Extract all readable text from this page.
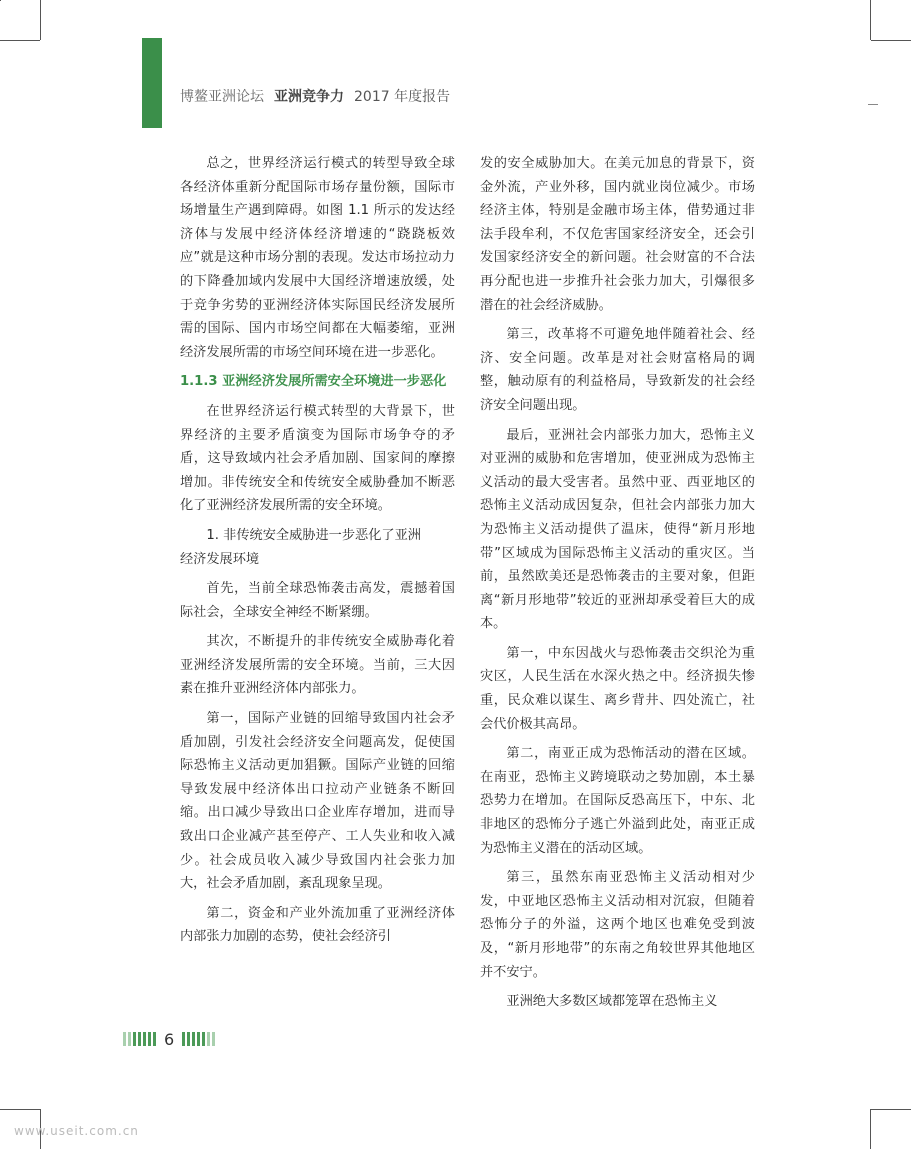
博鳌亚洲论坛 亚洲竞争力 2017 年度报告

总之，世界经济运行模式的转型导致全球各经济体重新分配国际市场存量份额，国际市场增量生产遇到障碍。如图 1.1 所示的发达经济体与发展中经济体经济增速的“跷跷板效应”就是这种市场分割的表现。发达市场拉动力的下降叠加域内发展中大国经济增速放缓，处于竞争劣势的亚洲经济体实际国民经济发展所需的国际、国内市场空间都在大幅萎缩，亚洲经济发展所需的市场空间环境在进一步恶化。

1.1.3 亚洲经济发展所需安全环境进一步恶化

在世界经济运行模式转型的大背景下，世界经济的主要矛盾演变为国际市场争夺的矛盾，这导致域内社会矛盾加剧、国家间的摩擦增加。非传统安全和传统安全威胁叠加不断恶化了亚洲经济发展所需的安全环境。

1. 非传统安全威胁进一步恶化了亚洲

经济发展环境

首先，当前全球恐怖袭击高发，震撼着国际社会，全球安全神经不断紧绷。

其次，不断提升的非传统安全威胁毒化着亚洲经济发展所需的安全环境。当前，三大因素在推升亚洲经济体内部张力。

第一，国际产业链的回缩导致国内社会矛盾加剧，引发社会经济安全问题高发，促使国际恐怖主义活动更加猖獗。国际产业链的回缩导致发展中经济体出口拉动产业链条不断回缩。出口减少导致出口企业库存增加，进而导致出口企业减产甚至停产、工人失业和收入减少。社会成员收入减少导致国内社会张力加大，社会矛盾加剧，紊乱现象呈现。

第二，资金和产业外流加重了亚洲经济体内部张力加剧的态势，使社会经济引

发的安全威胁加大。在美元加息的背景下，资金外流，产业外移，国内就业岗位减少。市场经济主体，特别是金融市场主体，借势通过非法手段牟利，不仅危害国家经济安全，还会引发国家经济安全的新问题。社会财富的不合法再分配也进一步推升社会张力加大，引爆很多潜在的社会经济威胁。

第三，改革将不可避免地伴随着社会、经济、安全问题。改革是对社会财富格局的调整，触动原有的利益格局，导致新发的社会经济安全问题出现。

最后，亚洲社会内部张力加大，恐怖主义对亚洲的威胁和危害增加，使亚洲成为恐怖主义活动的最大受害者。虽然中亚、西亚地区的恐怖主义活动成因复杂，但社会内部张力加大为恐怖主义活动提供了温床，使得“新月形地带”区域成为国际恐怖主义活动的重灾区。当前，虽然欧美还是恐怖袭击的主要对象，但距离“新月形地带”较近的亚洲却承受着巨大的成本。

第一，中东因战火与恐怖袭击交织沦为重灾区，人民生活在水深火热之中。经济损失惨重，民众难以谋生、离乡背井、四处流亡，社会代价极其高昂。

第二，南亚正成为恐怖活动的潜在区域。在南亚，恐怖主义跨境联动之势加剧，本土暴恐势力在增加。在国际反恐高压下，中东、北非地区的恐怖分子逃亡外溢到此处，南亚正成为恐怖主义潜在的活动区域。

第三，虽然东南亚恐怖主义活动相对少发，中亚地区恐怖主义活动相对沉寂，但随着恐怖分子的外溢，这两个地区也难免受到波及，“新月形地带”的东南之角较世界其他地区并不安宁。

亚洲绝大多数区域都笼罩在恐怖主义

6
www.useit.com.cn
